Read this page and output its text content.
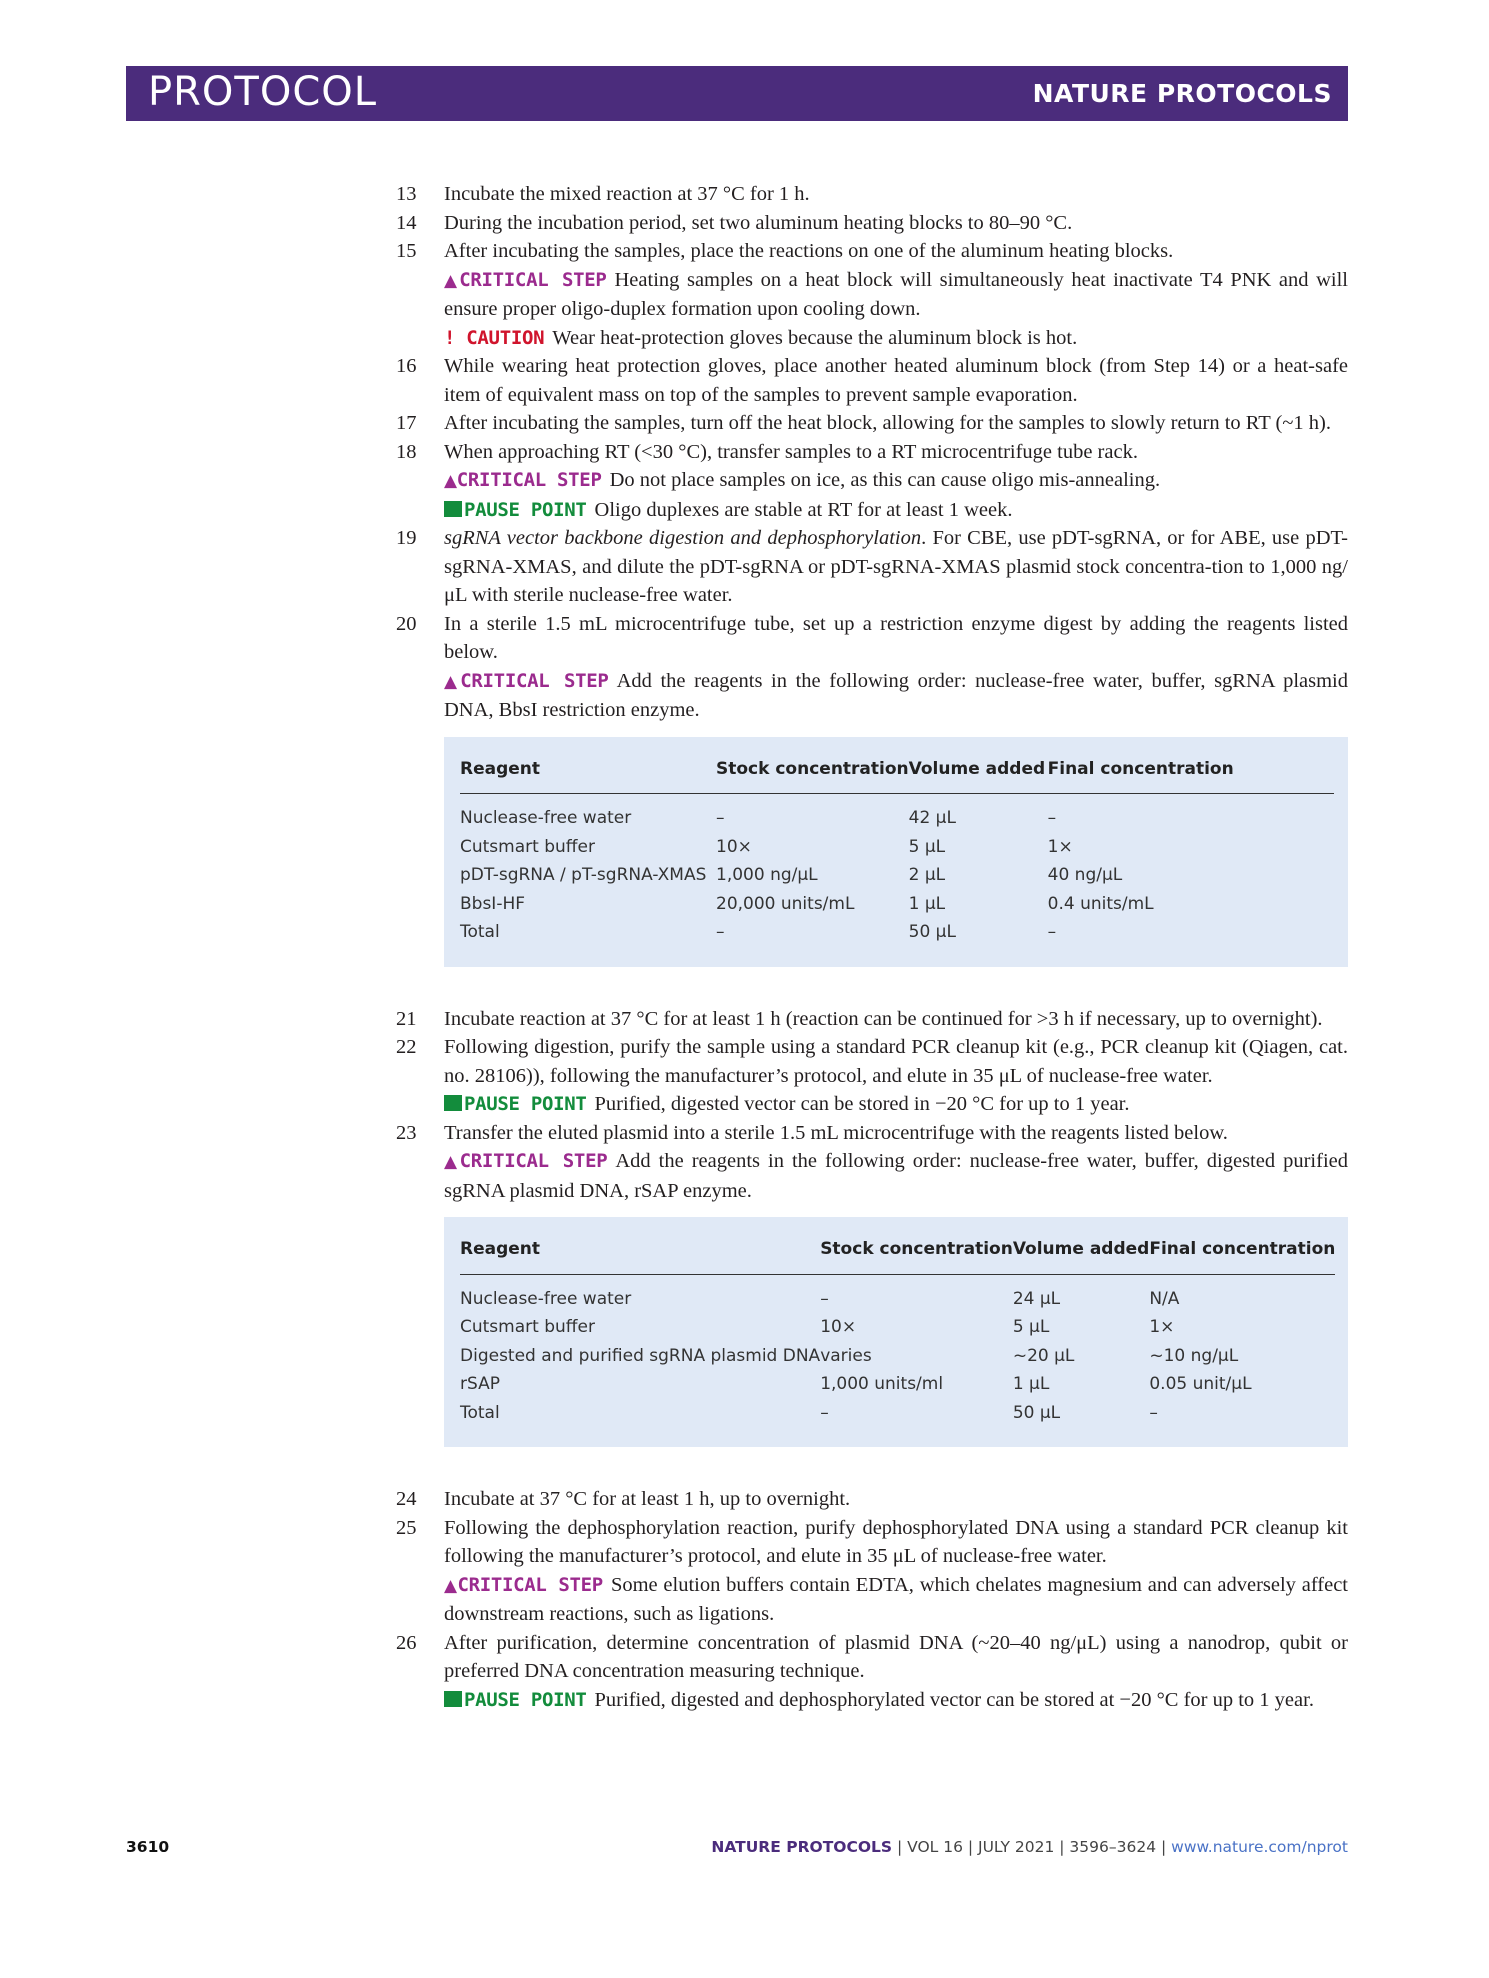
PROTOCOL	NATURE PROTOCOLS
13	Incubate the mixed reaction at 37 °C for 1 h.
14	During the incubation period, set two aluminum heating blocks to 80–90 °C.
15	After incubating the samples, place the reactions on one of the aluminum heating blocks.
▲CRITICAL STEP Heating samples on a heat block will simultaneously heat inactivate T4 PNK and will ensure proper oligo-duplex formation upon cooling down.
! CAUTION Wear heat-protection gloves because the aluminum block is hot.
16	While wearing heat protection gloves, place another heated aluminum block (from Step 14) or a heat-safe item of equivalent mass on top of the samples to prevent sample evaporation.
17	After incubating the samples, turn off the heat block, allowing for the samples to slowly return to RT (~1 h).
18	When approaching RT (<30 °C), transfer samples to a RT microcentrifuge tube rack.
▲CRITICAL STEP Do not place samples on ice, as this can cause oligo mis-annealing.
PAUSE POINT Oligo duplexes are stable at RT for at least 1 week.
19	sgRNA vector backbone digestion and dephosphorylation. For CBE, use pDT-sgRNA, or for ABE, use pDT-sgRNA-XMAS, and dilute the pDT-sgRNA or pDT-sgRNA-XMAS plasmid stock concentra-tion to 1,000 ng/μL with sterile nuclease-free water.
20	In a sterile 1.5 mL microcentrifuge tube, set up a restriction enzyme digest by adding the reagents listed below.
▲CRITICAL STEP Add the reagents in the following order: nuclease-free water, buffer, sgRNA plasmid DNA, BbsI restriction enzyme.
Reagent	Stock concentration	Volume added	Final concentration
Nuclease-free water	–	42 μL	–
Cutsmart buffer	10×	5 μL	1×
pDT-sgRNA / pT-sgRNA-XMAS	1,000 ng/μL	2 μL	40 ng/μL
BbsI-HF	20,000 units/mL	1 μL	0.4 units/mL
Total	–	50 μL	–
21	Incubate reaction at 37 °C for at least 1 h (reaction can be continued for >3 h if necessary, up to overnight).
22	Following digestion, purify the sample using a standard PCR cleanup kit (e.g., PCR cleanup kit (Qiagen, cat. no. 28106)), following the manufacturer’s protocol, and elute in 35 μL of nuclease-free water.
PAUSE POINT Purified, digested vector can be stored in −20 °C for up to 1 year.
23	Transfer the eluted plasmid into a sterile 1.5 mL microcentrifuge with the reagents listed below.
▲CRITICAL STEP Add the reagents in the following order: nuclease-free water, buffer, digested purified sgRNA plasmid DNA, rSAP enzyme.
Reagent	Stock concentration	Volume added	Final concentration
Nuclease-free water	–	24 μL	N/A
Cutsmart buffer	10×	5 μL	1×
Digested and purified sgRNA plasmid DNA	varies	~20 μL	~10 ng/μL
rSAP	1,000 units/ml	1 μL	0.05 unit/μL
Total	–	50 μL	–
24	Incubate at 37 °C for at least 1 h, up to overnight.
25	Following the dephosphorylation reaction, purify dephosphorylated DNA using a standard PCR cleanup kit following the manufacturer’s protocol, and elute in 35 μL of nuclease-free water.
▲CRITICAL STEP Some elution buffers contain EDTA, which chelates magnesium and can adversely affect downstream reactions, such as ligations.
26	After purification, determine concentration of plasmid DNA (~20–40 ng/μL) using a nanodrop, qubit or preferred DNA concentration measuring technique.
PAUSE POINT Purified, digested and dephosphorylated vector can be stored at −20 °C for up to 1 year.
3610	NATURE PROTOCOLS | VOL 16 | JULY 2021 | 3596–3624 | www.nature.com/nprot
